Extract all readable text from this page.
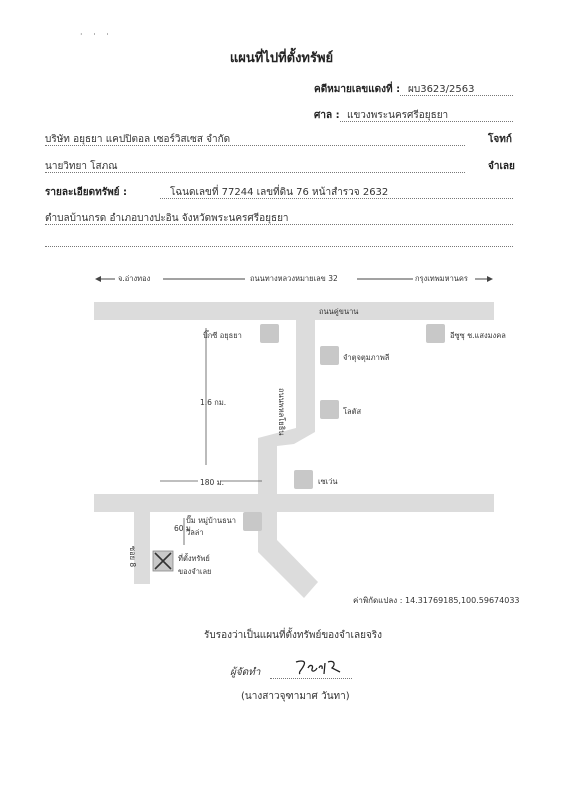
· · ·
แผนที่ไปที่ตั้งทรัพย์
คดีหมายเลขแดงที่ : ผบ3623/2563
ศาล : แขวงพระนครศรีอยุธยา
บริษัท อยุธยา แคปปิตอล เซอร์วิสเซส จำกัด	โจทก์
นายวิทยา โสภณ	จำเลย
รายละเอียดทรัพย์ :	โฉนดเลขที่ 77244 เลขที่ดิน 76 หน้าสำรวจ 2632
ตำบลบ้านกรด อำเภอบางปะอิน จังหวัดพระนครศรีอยุธยา
จ.อ่างทอง	ถนนทางหลวงหมายเลข 32	กรุงเทพมหานคร
ถนนคู่ขนาน
ถนนพหลโยธิน
ซอย 8
1.6 กม.
180 ม.
60 ม.
บิ๊กซี อยุธยา	อีซูซุ ช.แสงมงคล
จำตุจตุมภาพลี
โลตัส
เซเว่น
ปั๊ม หมู่บ้านธนา
วิลล่า
ที่ตั้งทรัพย์
ของจำเลย
ค่าพิกัดแปลง : 14.31769185,100.59674033
รับรองว่าเป็นแผนที่ตั้งทรัพย์ของจำเลยจริง
ผู้จัดทำ
(นางสาวจุฑามาศ วันทา)
